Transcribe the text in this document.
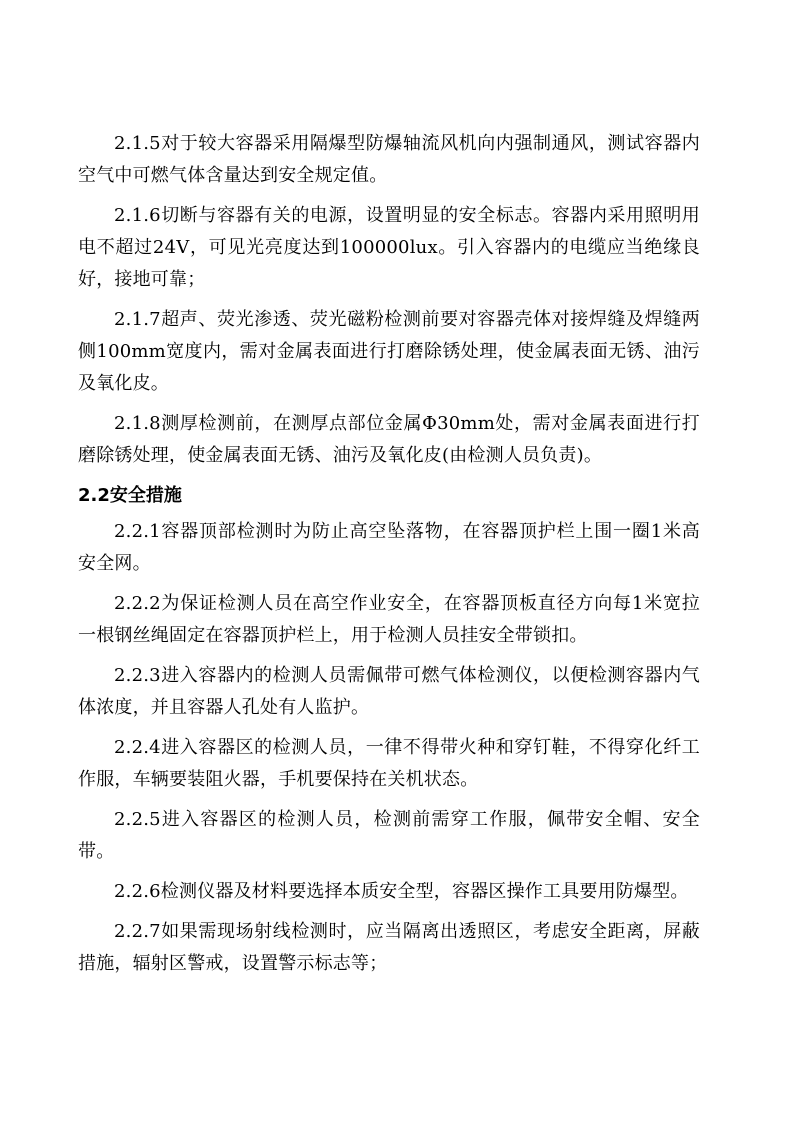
2.1.5对于较大容器采用隔爆型防爆轴流风机向内强制通风，测试容器内空气中可燃气体含量达到安全规定值。

2.1.6切断与容器有关的电源，设置明显的安全标志。容器内采用照明用电不超过24V，可见光亮度达到100000lux。引入容器内的电缆应当绝缘良好，接地可靠；

2.1.7超声、荧光渗透、荧光磁粉检测前要对容器壳体对接焊缝及焊缝两侧100mm宽度内，需对金属表面进行打磨除锈处理，使金属表面无锈、油污及氧化皮。

2.1.8测厚检测前，在测厚点部位金属Φ30mm处，需对金属表面进行打磨除锈处理，使金属表面无锈、油污及氧化皮(由检测人员负责)。

2.2安全措施

2.2.1容器顶部检测时为防止高空坠落物，在容器顶护栏上围一圈1米高安全网。

2.2.2为保证检测人员在高空作业安全，在容器顶板直径方向每1米宽拉一根钢丝绳固定在容器顶护栏上，用于检测人员挂安全带锁扣。

2.2.3进入容器内的检测人员需佩带可燃气体检测仪，以便检测容器内气体浓度，并且容器人孔处有人监护。

2.2.4进入容器区的检测人员，一律不得带火种和穿钉鞋，不得穿化纤工作服，车辆要装阻火器，手机要保持在关机状态。

2.2.5进入容器区的检测人员，检测前需穿工作服，佩带安全帽、安全带。

2.2.6检测仪器及材料要选择本质安全型，容器区操作工具要用防爆型。

2.2.7如果需现场射线检测时，应当隔离出透照区，考虑安全距离，屏蔽措施，辐射区警戒，设置警示标志等；
